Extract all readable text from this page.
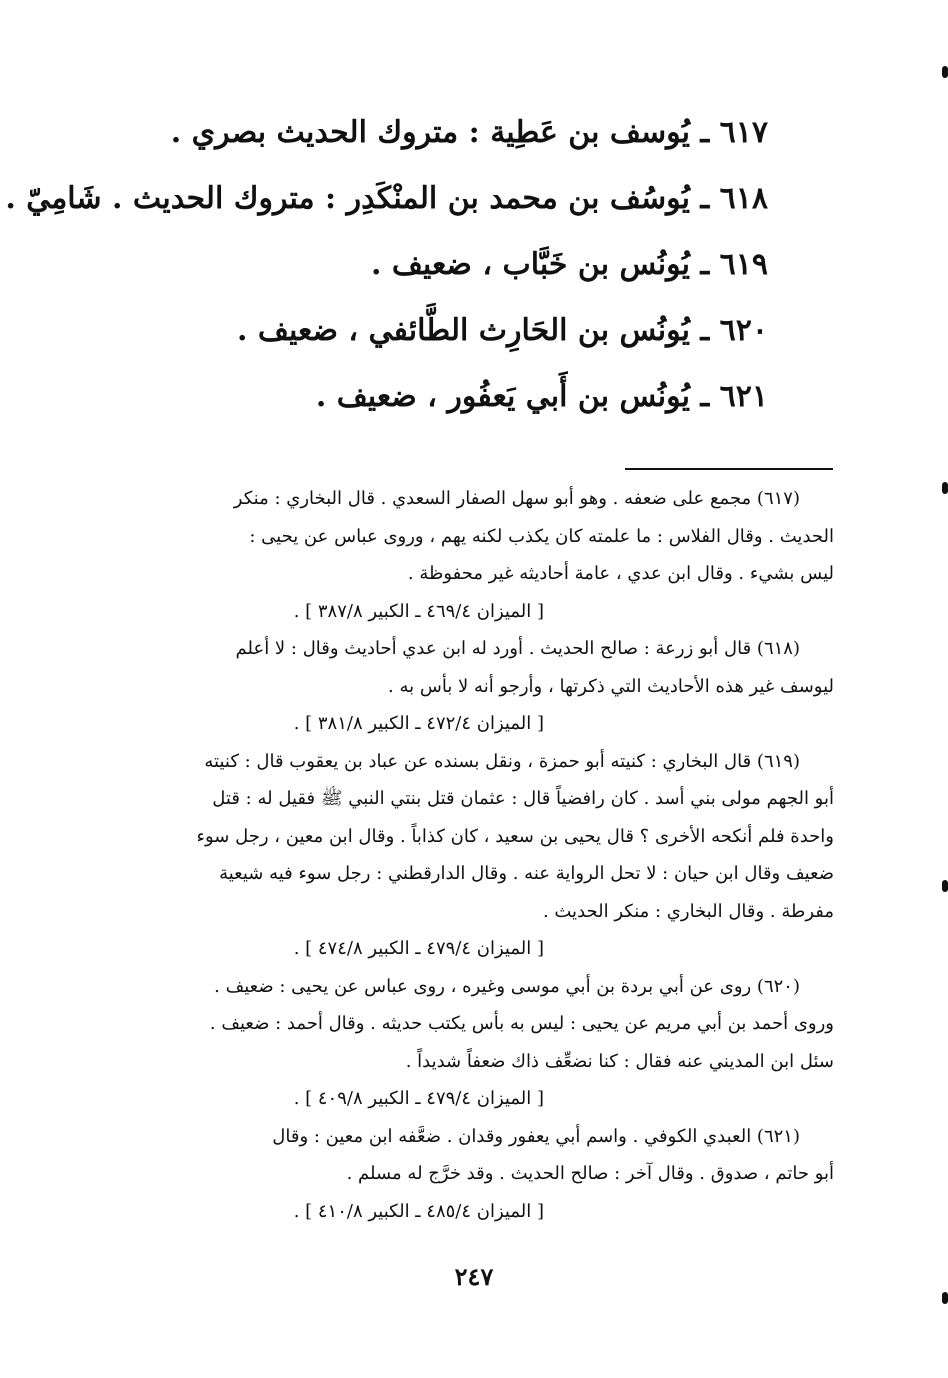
٦١٧ ـ يُوسف بن عَطِية : متروك الحديث بصري .
٦١٨ ـ يُوسُف بن محمد بن المنْكَدِر : متروك الحديث . شَامِيّ .
٦١٩ ـ يُونُس بن خَبَّاب ، ضعيف .
٦٢٠ ـ يُونُس بن الحَارِث الطَّائفي ، ضعيف .
٦٢١ ـ يُونُس بن أَبي يَعفُور ، ضعيف .

(٦١٧) مجمع على ضعفه . وهو أبو سهل الصفار السعدي . قال البخاري : منكر

الحديث . وقال الفلاس : ما علمته كان يكذب لكنه يهم ، وروى عباس عن يحيى :

ليس بشيء . وقال ابن عدي ، عامة أحاديثه غير محفوظة .

[ الميزان ٤٦٩/٤ ـ الكبير ٣٨٧/٨ ] .

(٦١٨) قال أبو زرعة : صالح الحديث . أورد له ابن عدي أحاديث وقال : لا أعلم

ليوسف غير هذه الأحاديث التي ذكرتها ، وأرجو أنه لا بأس به .

[ الميزان ٤٧٢/٤ ـ الكبير ٣٨١/٨ ] .

(٦١٩) قال البخاري : كنيته أبو حمزة ، ونقل بسنده عن عباد بن يعقوب قال : كنيته

أبو الجهم مولى بني أسد . كان رافضياً قال : عثمان قتل بنتي النبي ﷺ فقيل له : قتل

واحدة فلم أنكحه الأخرى ؟ قال يحيى بن سعيد ، كان كذاباً . وقال ابن معين ، رجل سوء

ضعيف وقال ابن حيان : لا تحل الرواية عنه . وقال الدارقطني : رجل سوء فيه شيعية

مفرطة . وقال البخاري : منكر الحديث .

[ الميزان ٤٧٩/٤ ـ الكبير ٤٧٤/٨ ] .

(٦٢٠) روى عن أبي بردة بن أبي موسى وغيره ، روى عباس عن يحيى : ضعيف .

وروى أحمد بن أبي مريم عن يحيى : ليس به بأس يكتب حديثه . وقال أحمد : ضعيف .

سئل ابن المديني عنه فقال : كنا نضعِّف ذاك ضعفاً شديداً .

[ الميزان ٤٧٩/٤ ـ الكبير ٤٠٩/٨ ] .

(٦٢١) العبدي الكوفي . واسم أبي يعفور وقدان . ضعَّفه ابن معين : وقال

أبو حاتم ، صدوق . وقال آخر : صالح الحديث . وقد خرَّج له مسلم .

[ الميزان ٤٨٥/٤ ـ الكبير ٤١٠/٨ ] .

٢٤٧
